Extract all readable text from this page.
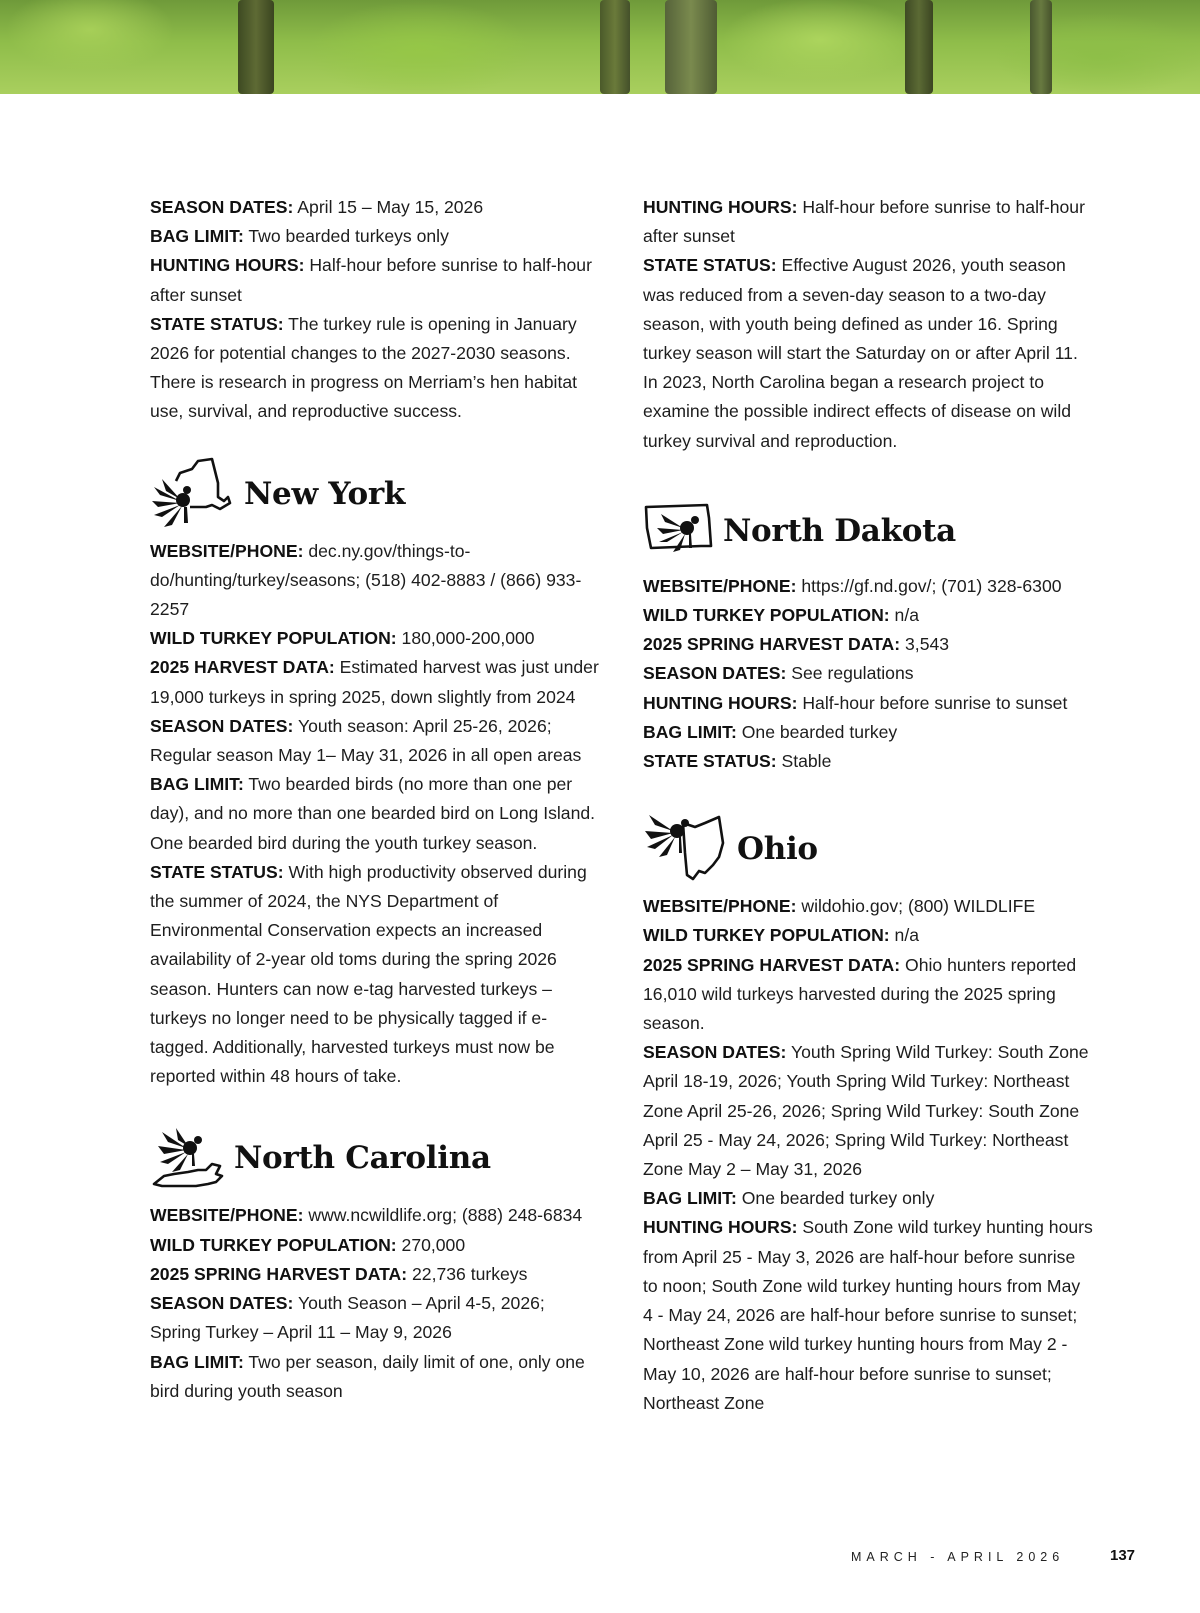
SEASON DATES: April 15 – May 15, 2026

BAG LIMIT: Two bearded turkeys only

HUNTING HOURS: Half-hour before sunrise to half-hour after sunset

STATE STATUS: The turkey rule is opening in January 2026 for potential changes to the 2027-2030 seasons. There is research in progress on Merriam’s hen habitat use, survival, and reproductive success.

New York

WEBSITE/PHONE: dec.ny.gov/things-to-do/hunting/turkey/seasons; (518) 402-8883 / (866) 933-2257

WILD TURKEY POPULATION: 180,000-200,000

2025 HARVEST DATA: Estimated harvest was just under 19,000 turkeys in spring 2025, down slightly from 2024

SEASON DATES: Youth season: April 25-26, 2026; Regular season May 1– May 31, 2026 in all open areas

BAG LIMIT: Two bearded birds (no more than one per day), and no more than one bearded bird on Long Island. One bearded bird during the youth turkey season.

STATE STATUS: With high productivity observed during the summer of 2024, the NYS Department of Environmental Conservation expects an increased availability of 2-year old toms during the spring 2026 season. Hunters can now e-tag harvested turkeys – turkeys no longer need to be physically tagged if e-tagged. Additionally, harvested turkeys must now be reported within 48 hours of take.

North Carolina

WEBSITE/PHONE: www.ncwildlife.org; (888) 248-6834

WILD TURKEY POPULATION: 270,000

2025 SPRING HARVEST DATA: 22,736 turkeys

SEASON DATES: Youth Season – April 4-5, 2026; Spring Turkey – April 11 – May 9, 2026

BAG LIMIT: Two per season, daily limit of one, only one bird during youth season

HUNTING HOURS: Half-hour before sunrise to half-hour after sunset

STATE STATUS: Effective August 2026, youth season was reduced from a seven-day season to a two-day season, with youth being defined as under 16. Spring turkey season will start the Saturday on or after April 11. In 2023, North Carolina began a research project to examine the possible indirect effects of disease on wild turkey survival and reproduction.

North Dakota

WEBSITE/PHONE: https://gf.nd.gov/; (701) 328-6300

WILD TURKEY POPULATION: n/a

2025 SPRING HARVEST DATA: 3,543

SEASON DATES: See regulations

HUNTING HOURS: Half-hour before sunrise to sunset

BAG LIMIT: One bearded turkey

STATE STATUS: Stable

Ohio

WEBSITE/PHONE: wildohio.gov; (800) WILDLIFE

WILD TURKEY POPULATION: n/a

2025 SPRING HARVEST DATA: Ohio hunters reported 16,010 wild turkeys harvested during the 2025 spring season.

SEASON DATES: Youth Spring Wild Turkey: South Zone April 18-19, 2026; Youth Spring Wild Turkey: Northeast Zone April 25-26, 2026; Spring Wild Turkey: South Zone April 25 - May 24, 2026; Spring Wild Turkey: Northeast Zone May 2 – May 31, 2026

BAG LIMIT: One bearded turkey only

HUNTING HOURS: South Zone wild turkey hunting hours from April 25 - May 3, 2026 are half-hour before sunrise to noon; South Zone wild turkey hunting hours from May 4 - May 24, 2026 are half-hour before sunrise to sunset; Northeast Zone wild turkey hunting hours from May 2 - May 10, 2026 are half-hour before sunrise to sunset; Northeast Zone

MARCH - APRIL 2026	137
